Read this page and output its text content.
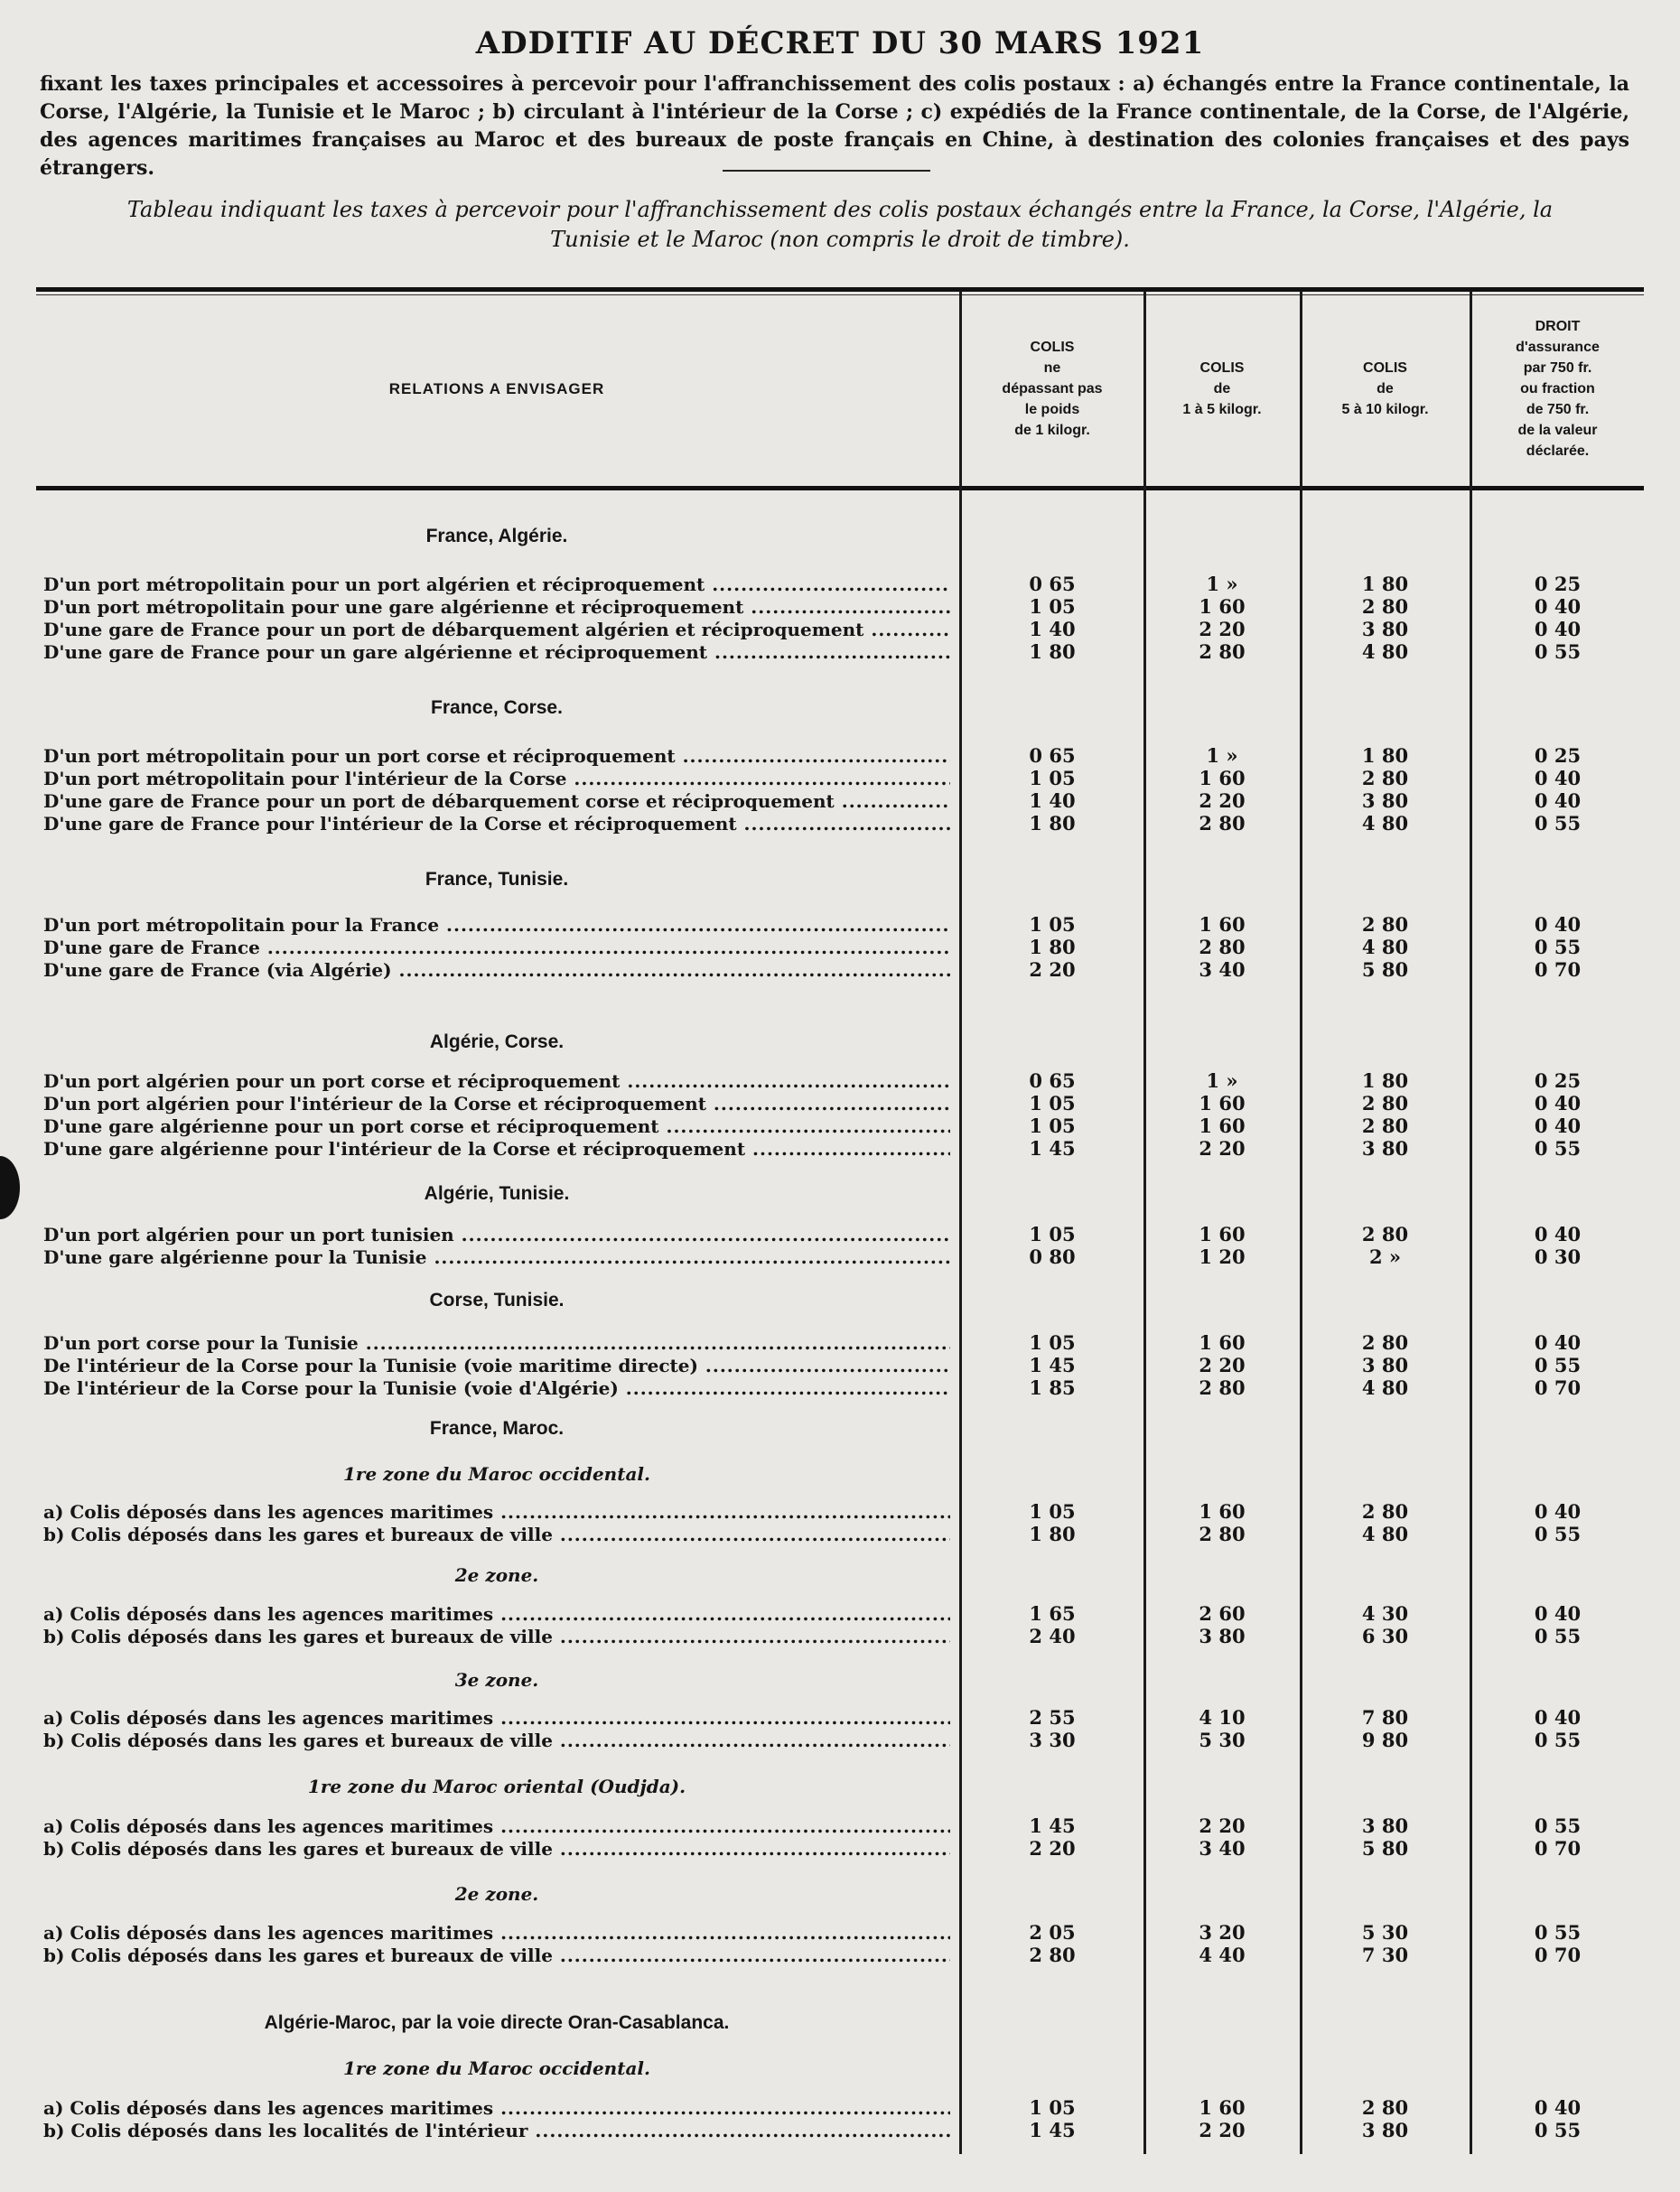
ADDITIF AU DÉCRET DU 30 MARS 1921
fixant les taxes principales et accessoires à percevoir pour l'affranchissement des colis postaux : a) échangés entre la France continentale, la Corse, l'Algérie, la Tunisie et le Maroc ; b) circulant à l'intérieur de la Corse ; c) expédiés de la France continentale, de la Corse, de l'Algérie, des agences maritimes françaises au Maroc et des bureaux de poste français en Chine, à destination des colonies françaises et des pays étrangers.
Tableau indiquant les taxes à percevoir pour l'affranchissement des colis postaux échangés entre la France, la Corse, l'Algérie, la Tunisie et le Maroc (non compris le droit de timbre).
RELATIONS A ENVISAGER
COLIS
ne
dépassant pas
le poids
de 1 kilogr.
COLIS
de
1 à 5 kilogr.
COLIS
de
5 à 10 kilogr.
DROIT
d'assurance
par 750 fr.
ou fraction
de 750 fr.
de la valeur
déclarée.
France, Algérie.
D'un port métropolitain pour un port algérien et réciproquement .....	0 65	1 »	1 80	0 25
D'un port métropolitain pour une gare algérienne et réciproquement .....	1 05	1 60	2 80	0 40
D'une gare de France pour un port de débarquement algérien et réciproquement .....	1 40	2 20	3 80	0 40
D'une gare de France pour un gare algérienne et réciproquement .....	1 80	2 80	4 80	0 55
France, Corse.
D'un port métropolitain pour un port corse et réciproquement .....	0 65	1 »	1 80	0 25
D'un port métropolitain pour l'intérieur de la Corse .....	1 05	1 60	2 80	0 40
D'une gare de France pour un port de débarquement corse et réciproquement .....	1 40	2 20	3 80	0 40
D'une gare de France pour l'intérieur de la Corse et réciproquement .....	1 80	2 80	4 80	0 55
France, Tunisie.
D'un port métropolitain pour la France .....	1 05	1 60	2 80	0 40
D'une gare de France .....	1 80	2 80	4 80	0 55
D'une gare de France (via Algérie) .....	2 20	3 40	5 80	0 70
Algérie, Corse.
D'un port algérien pour un port corse et réciproquement .....	0 65	1 »	1 80	0 25
D'un port algérien pour l'intérieur de la Corse et réciproquement .....	1 05	1 60	2 80	0 40
D'une gare algérienne pour un port corse et réciproquement .....	1 05	1 60	2 80	0 40
D'une gare algérienne pour l'intérieur de la Corse et réciproquement .....	1 45	2 20	3 80	0 55
Algérie, Tunisie.
D'un port algérien pour un port tunisien .....	1 05	1 60	2 80	0 40
D'une gare algérienne pour la Tunisie .....	0 80	1 20	2 »	0 30
Corse, Tunisie.
D'un port corse pour la Tunisie .....	1 05	1 60	2 80	0 40
De l'intérieur de la Corse pour la Tunisie (voie maritime directe) .....	1 45	2 20	3 80	0 55
De l'intérieur de la Corse pour la Tunisie (voie d'Algérie) .....	1 85	2 80	4 80	0 70
France, Maroc.
1re zone du Maroc occidental.
a) Colis déposés dans les agences maritimes .....	1 05	1 60	2 80	0 40
b) Colis déposés dans les gares et bureaux de ville .....	1 80	2 80	4 80	0 55
2e zone.
a) Colis déposés dans les agences maritimes .....	1 65	2 60	4 30	0 40
b) Colis déposés dans les gares et bureaux de ville .....	2 40	3 80	6 30	0 55
3e zone.
a) Colis déposés dans les agences maritimes .....	2 55	4 10	7 80	0 40
b) Colis déposés dans les gares et bureaux de ville .....	3 30	5 30	9 80	0 55
1re zone du Maroc oriental (Oudjda).
a) Colis déposés dans les agences maritimes .....	1 45	2 20	3 80	0 55
b) Colis déposés dans les gares et bureaux de ville .....	2 20	3 40	5 80	0 70
2e zone.
a) Colis déposés dans les agences maritimes .....	2 05	3 20	5 30	0 55
b) Colis déposés dans les gares et bureaux de ville .....	2 80	4 40	7 30	0 70
Algérie-Maroc, par la voie directe Oran-Casablanca.
1re zone du Maroc occidental.
a) Colis déposés dans les agences maritimes .....	1 05	1 60	2 80	0 40
b) Colis déposés dans les localités de l'intérieur .....	1 45	2 20	3 80	0 55
